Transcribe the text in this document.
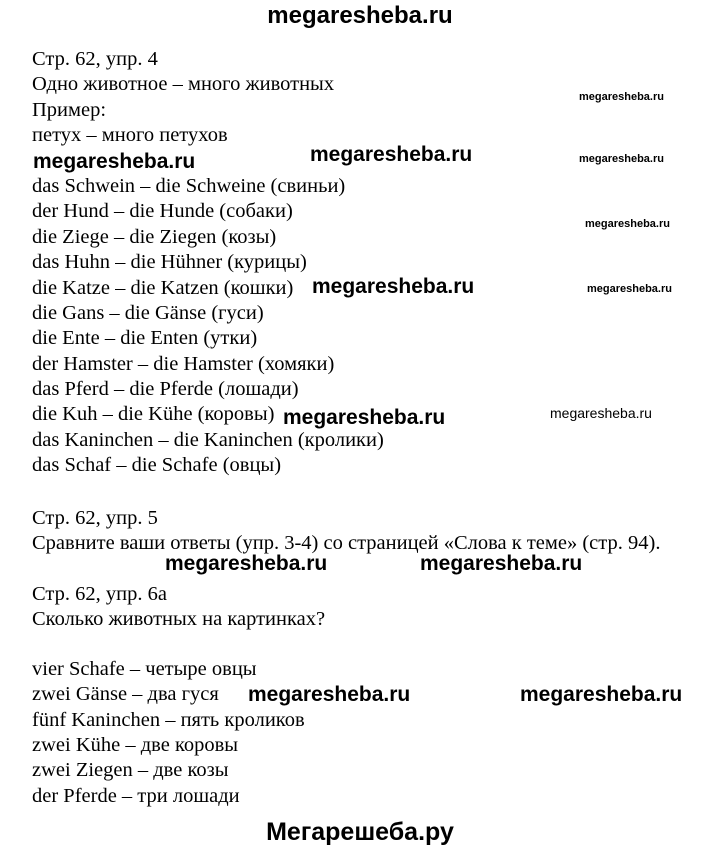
megaresheba.ru
Стр. 62, упр. 4
Одно животное – много животных
Пример:
петух – много петухов
das Schwein – die Schweine (свиньи)
der Hund – die Hunde (собаки)
die Ziege – die Ziegen (козы)
das Huhn – die Hühner (курицы)
die Katze – die Katzen (кошки)
die Gans – die Gänse (гуси)
die Ente – die Enten (утки)
der Hamster – die Hamster (хомяки)
das Pferd – die Pferde (лошади)
die Kuh – die Kühe (коровы)
das Kaninchen – die Kaninchen (кролики)
das Schaf – die Schafe (овцы)
Стр. 62, упр. 5
Сравните ваши ответы (упр. 3-4) со страницей «Слова к теме» (стр. 94).
Стр. 62, упр. 6а
Сколько животных на картинках?
vier Schafe – четыре овцы
zwei Gänse – два гуся
fünf Kaninchen – пять кроликов
zwei Kühe – две коровы
zwei Ziegen – две козы
der Pferde – три лошади
megaresheba.ru
megaresheba.ru	megaresheba.ru	megaresheba.ru
megaresheba.ru
megaresheba.ru	megaresheba.ru
megaresheba.ru	megaresheba.ru
megaresheba.ru	megaresheba.ru
megaresheba.ru	megaresheba.ru
Мегарешеба.ру
